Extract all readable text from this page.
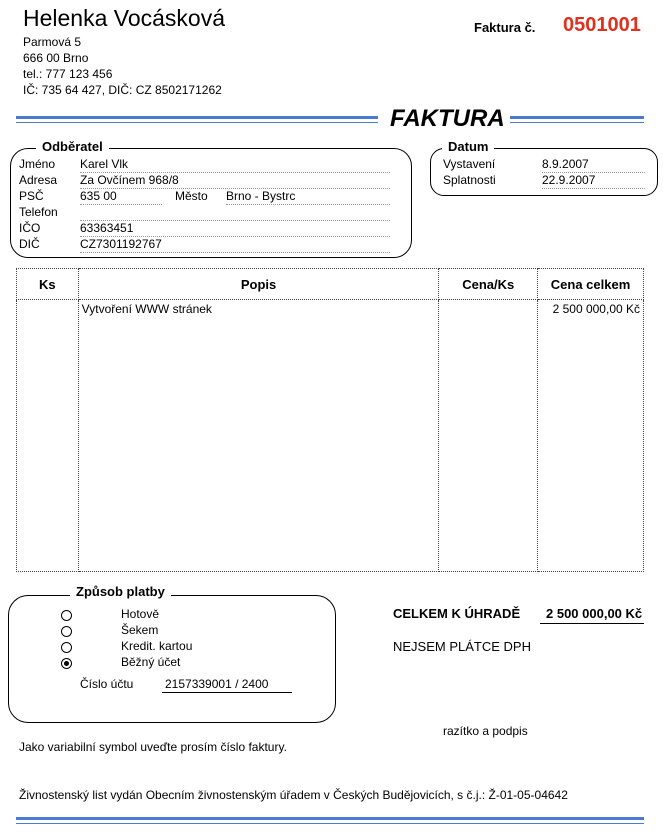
Helenka Vocásková
Parmová 5
666 00 Brno
tel.: 777 123 456
IČ: 735 64 427, DIČ: CZ 8502171262
Faktura č. 0501001
FAKTURA
Odběratel
Jméno Karel Vlk
Adresa Za Ovčínem 968/8
PSČ	635 00	Město Brno - Bystrc
Telefon
IČO	63363451
DIČ	CZ7301192767
Datum
Vystavení	8.9.2007
Splatnosti	22.9.2007
Ks	Popis	Cena/Ks	Cena celkem
	Vytvoření WWW stránek		2 500 000,00 Kč
Způsob platby
Hotově
Šekem
Kredit. kartou
Běžný účet
Číslo účtu	2157339001 / 2400
CELKEM K ÚHRADĚ 2 500 000,00 Kč
NEJSEM PLÁTCE DPH
razítko a podpis
Jako variabilní symbol uveďte prosím číslo faktury.
Živnostenský list vydán Obecním živnostenským úřadem v Českých Budějovicích, s č.j.: Ž-01-05-04642
